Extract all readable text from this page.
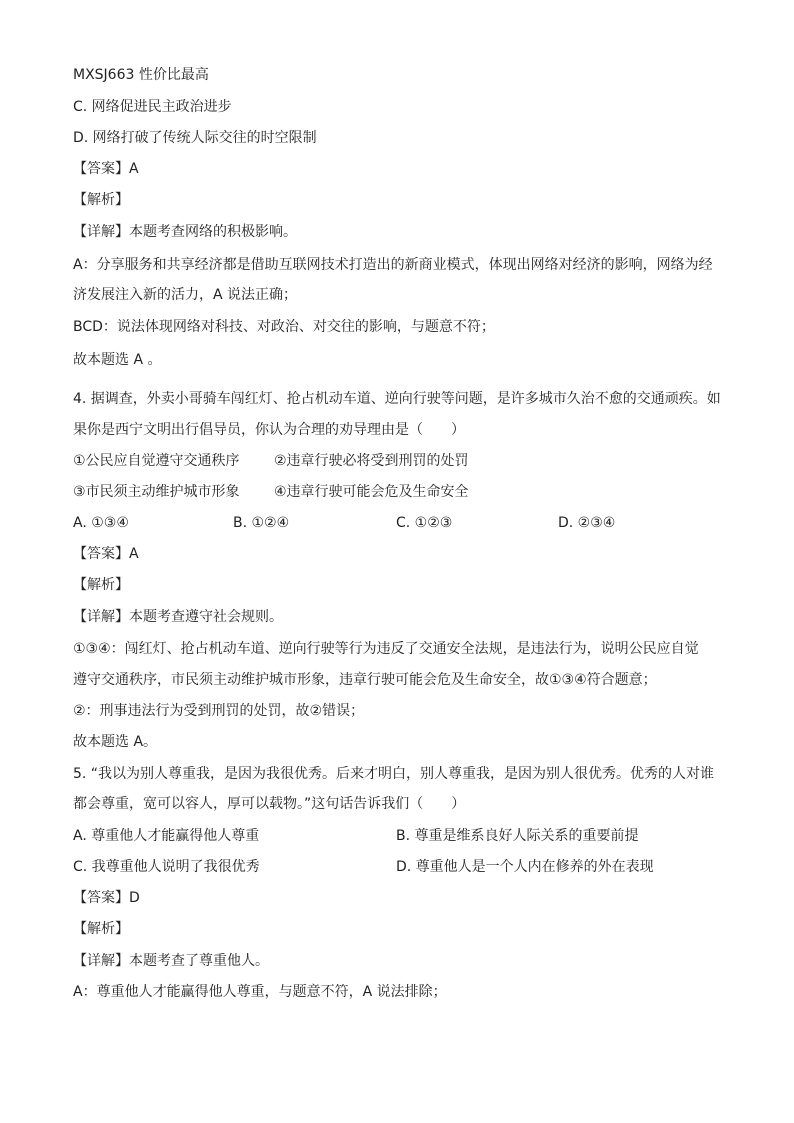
MXSJ663 性价比最高
C. 网络促进民主政治进步
D. 网络打破了传统人际交往的时空限制
【答案】A
【解析】
【详解】本题考查网络的积极影响。
A：分享服务和共享经济都是借助互联网技术打造出的新商业模式，体现出网络对经济的影响，网络为经
济发展注入新的活力，A 说法正确；
BCD：说法体现网络对科技、对政治、对交往的影响，与题意不符；
故本题选 A 。
4. 据调查，外卖小哥骑车闯红灯、抢占机动车道、逆向行驶等问题，是许多城市久治不愈的交通顽疾。如
果你是西宁文明出行倡导员，你认为合理的劝导理由是（　　）
①公民应自觉遵守交通秩序 ②违章行驶必将受到刑罚的处罚
③市民须主动维护城市形象 ④违章行驶可能会危及生命安全
A. ①③④	B. ①②④	C. ①②③	D. ②③④
【答案】A
【解析】
【详解】本题考查遵守社会规则。
①③④：闯红灯、抢占机动车道、逆向行驶等行为违反了交通安全法规，是违法行为，说明公民应自觉
遵守交通秩序，市民须主动维护城市形象，违章行驶可能会危及生命安全，故①③④符合题意；
②：刑事违法行为受到刑罚的处罚，故②错误；
故本题选 A。
5. “我以为别人尊重我，是因为我很优秀。后来才明白，别人尊重我，是因为别人很优秀。优秀的人对谁
都会尊重，宽可以容人，厚可以载物。”这句话告诉我们（　　）
A. 尊重他人才能赢得他人尊重	B. 尊重是维系良好人际关系的重要前提
C. 我尊重他人说明了我很优秀	D. 尊重他人是一个人内在修养的外在表现
【答案】D
【解析】
【详解】本题考查了尊重他人。
A：尊重他人才能赢得他人尊重，与题意不符，A 说法排除；
